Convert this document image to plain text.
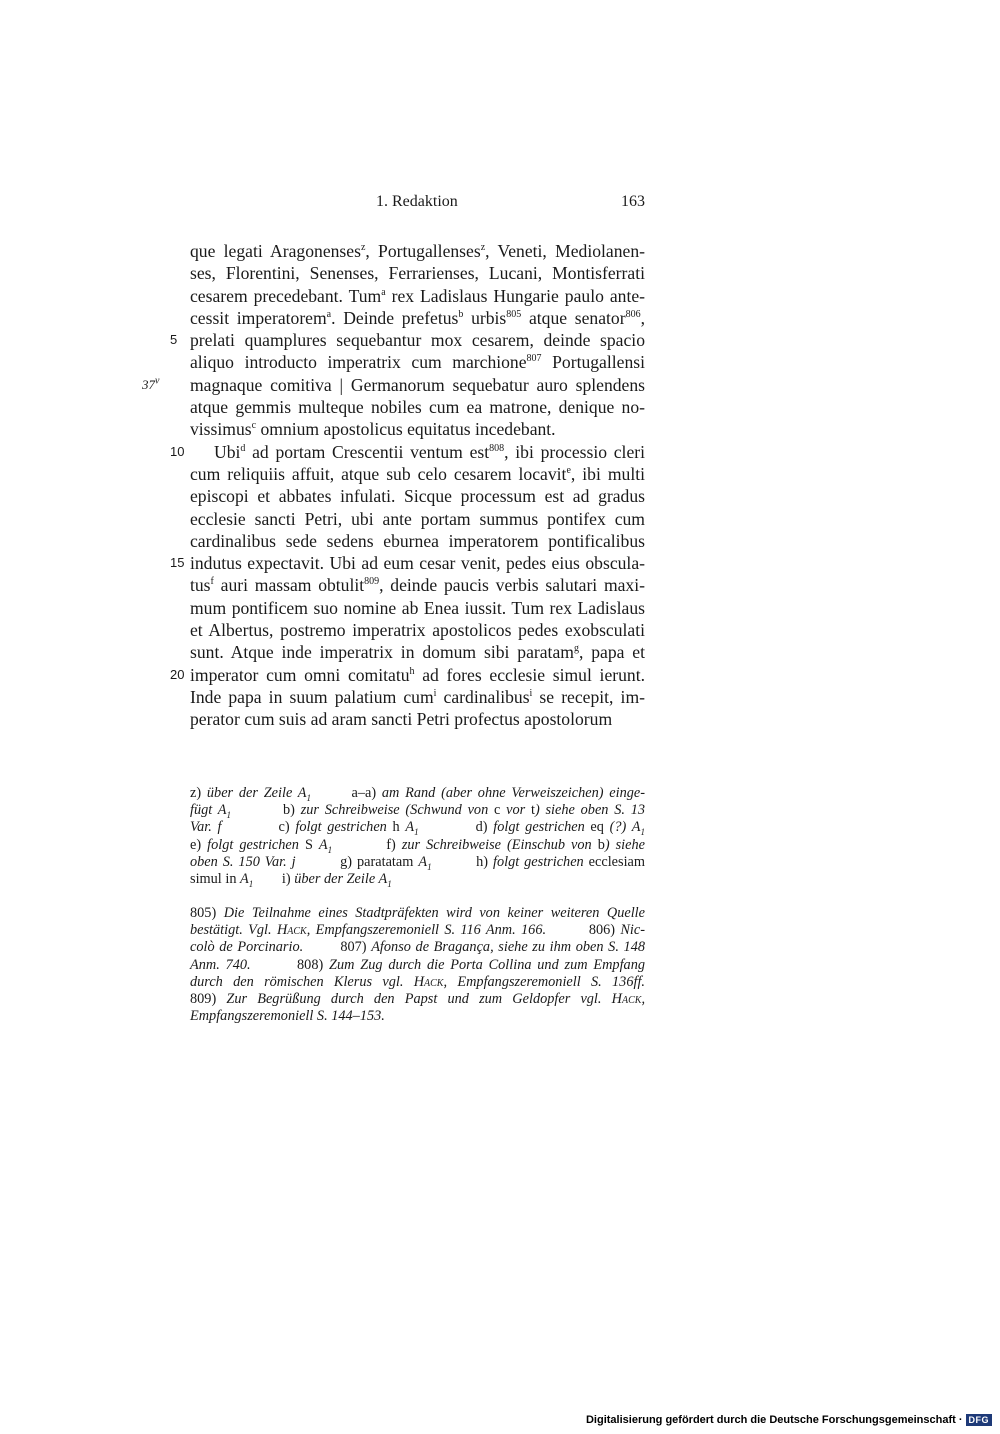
1. Redaktion	163
que legati Aragonenses$^z$, Portugallenses$^z$, Veneti, Mediolanen-
ses, Florentini, Senenses, Ferrarienses, Lucani, Montisferrati
cesarem precedebant. Tum$^a$ rex Ladislaus Hungarie paulo ante-
cessit imperatorem$^a$. Deinde prefetus$^b$ urbis$^{805}$ atque senator$^{806}$,
5 prelati quamplures sequebantur mox cesarem, deinde spacio
aliquo introducto imperatrix cum marchione$^{807}$ Portugallensi
37$^v$ magnaque comitiva | Germanorum sequebatur auro splendens
atque gemmis multeque nobiles cum ea matrone, denique no-
vissimus$^c$ omnium apostolicus equitatus incedebant.
10	Ubi$^d$ ad portam Crescentii ventum est$^{808}$, ibi processio cleri
cum reliquiis affuit, atque sub celo cesarem locavit$^e$, ibi multi
episcopi et abbates infulati. Sicque processum est ad gradus
ecclesie sancti Petri, ubi ante portam summus pontifex cum
cardinalibus sede sedens eburnea imperatorem pontificalibus
15 indutus expectavit. Ubi ad eum cesar venit, pedes eius obscula-
tus$^f$ auri massam obtulit$^{809}$, deinde paucis verbis salutari maxi-
mum pontificem suo nomine ab Enea iussit. Tum rex Ladislaus
et Albertus, postremo imperatrix apostolicos pedes exobsculati
sunt. Atque inde imperatrix in domum sibi paratam$^g$, papa et
20 imperator cum omni comitatu$^h$ ad fores ecclesie simul ierunt.
Inde papa in suum palatium cum$^i$ cardinalibus$^i$ se recepit, im-
perator cum suis ad aram sancti Petri profectus apostolorum
z) über der Zeile $A_1$       a–a) am Rand (aber ohne Verweiszeichen) einge-
fügt $A_1$         b) zur Schreibweise (Schwund von c vor t) siehe oben S. 13
Var. f          c) folgt gestrichen h $A_1$          d) folgt gestrichen eq (?) $A_1$
e) folgt gestrichen S $A_1$         f) zur Schreibweise (Einschub von b) siehe
oben S. 150 Var. j         g) paratatam $A_1$         h) folgt gestrichen ecclesiam
simul in $A_1$        i) über der Zeile $A_1$
805) Die Teilnahme eines Stadtpräfekten wird von keiner weiteren Quelle
bestätigt. Vgl. Hack, Empfangszeremoniell S. 116 Anm. 166.        806) Nic-
colò de Porcinario.        807) Afonso de Bragança, siehe zu ihm oben S. 148
Anm. 740.        808) Zum Zug durch die Porta Collina und zum Empfang
durch den römischen Klerus vgl. Hack, Empfangszeremoniell S. 136ff.
809) Zur Begrüßung durch den Papst und zum Geldopfer vgl. Hack,
Empfangszeremoniell S. 144–153.
Digitalisierung gefördert durch die Deutsche Forschungsgemeinschaft · DFG
